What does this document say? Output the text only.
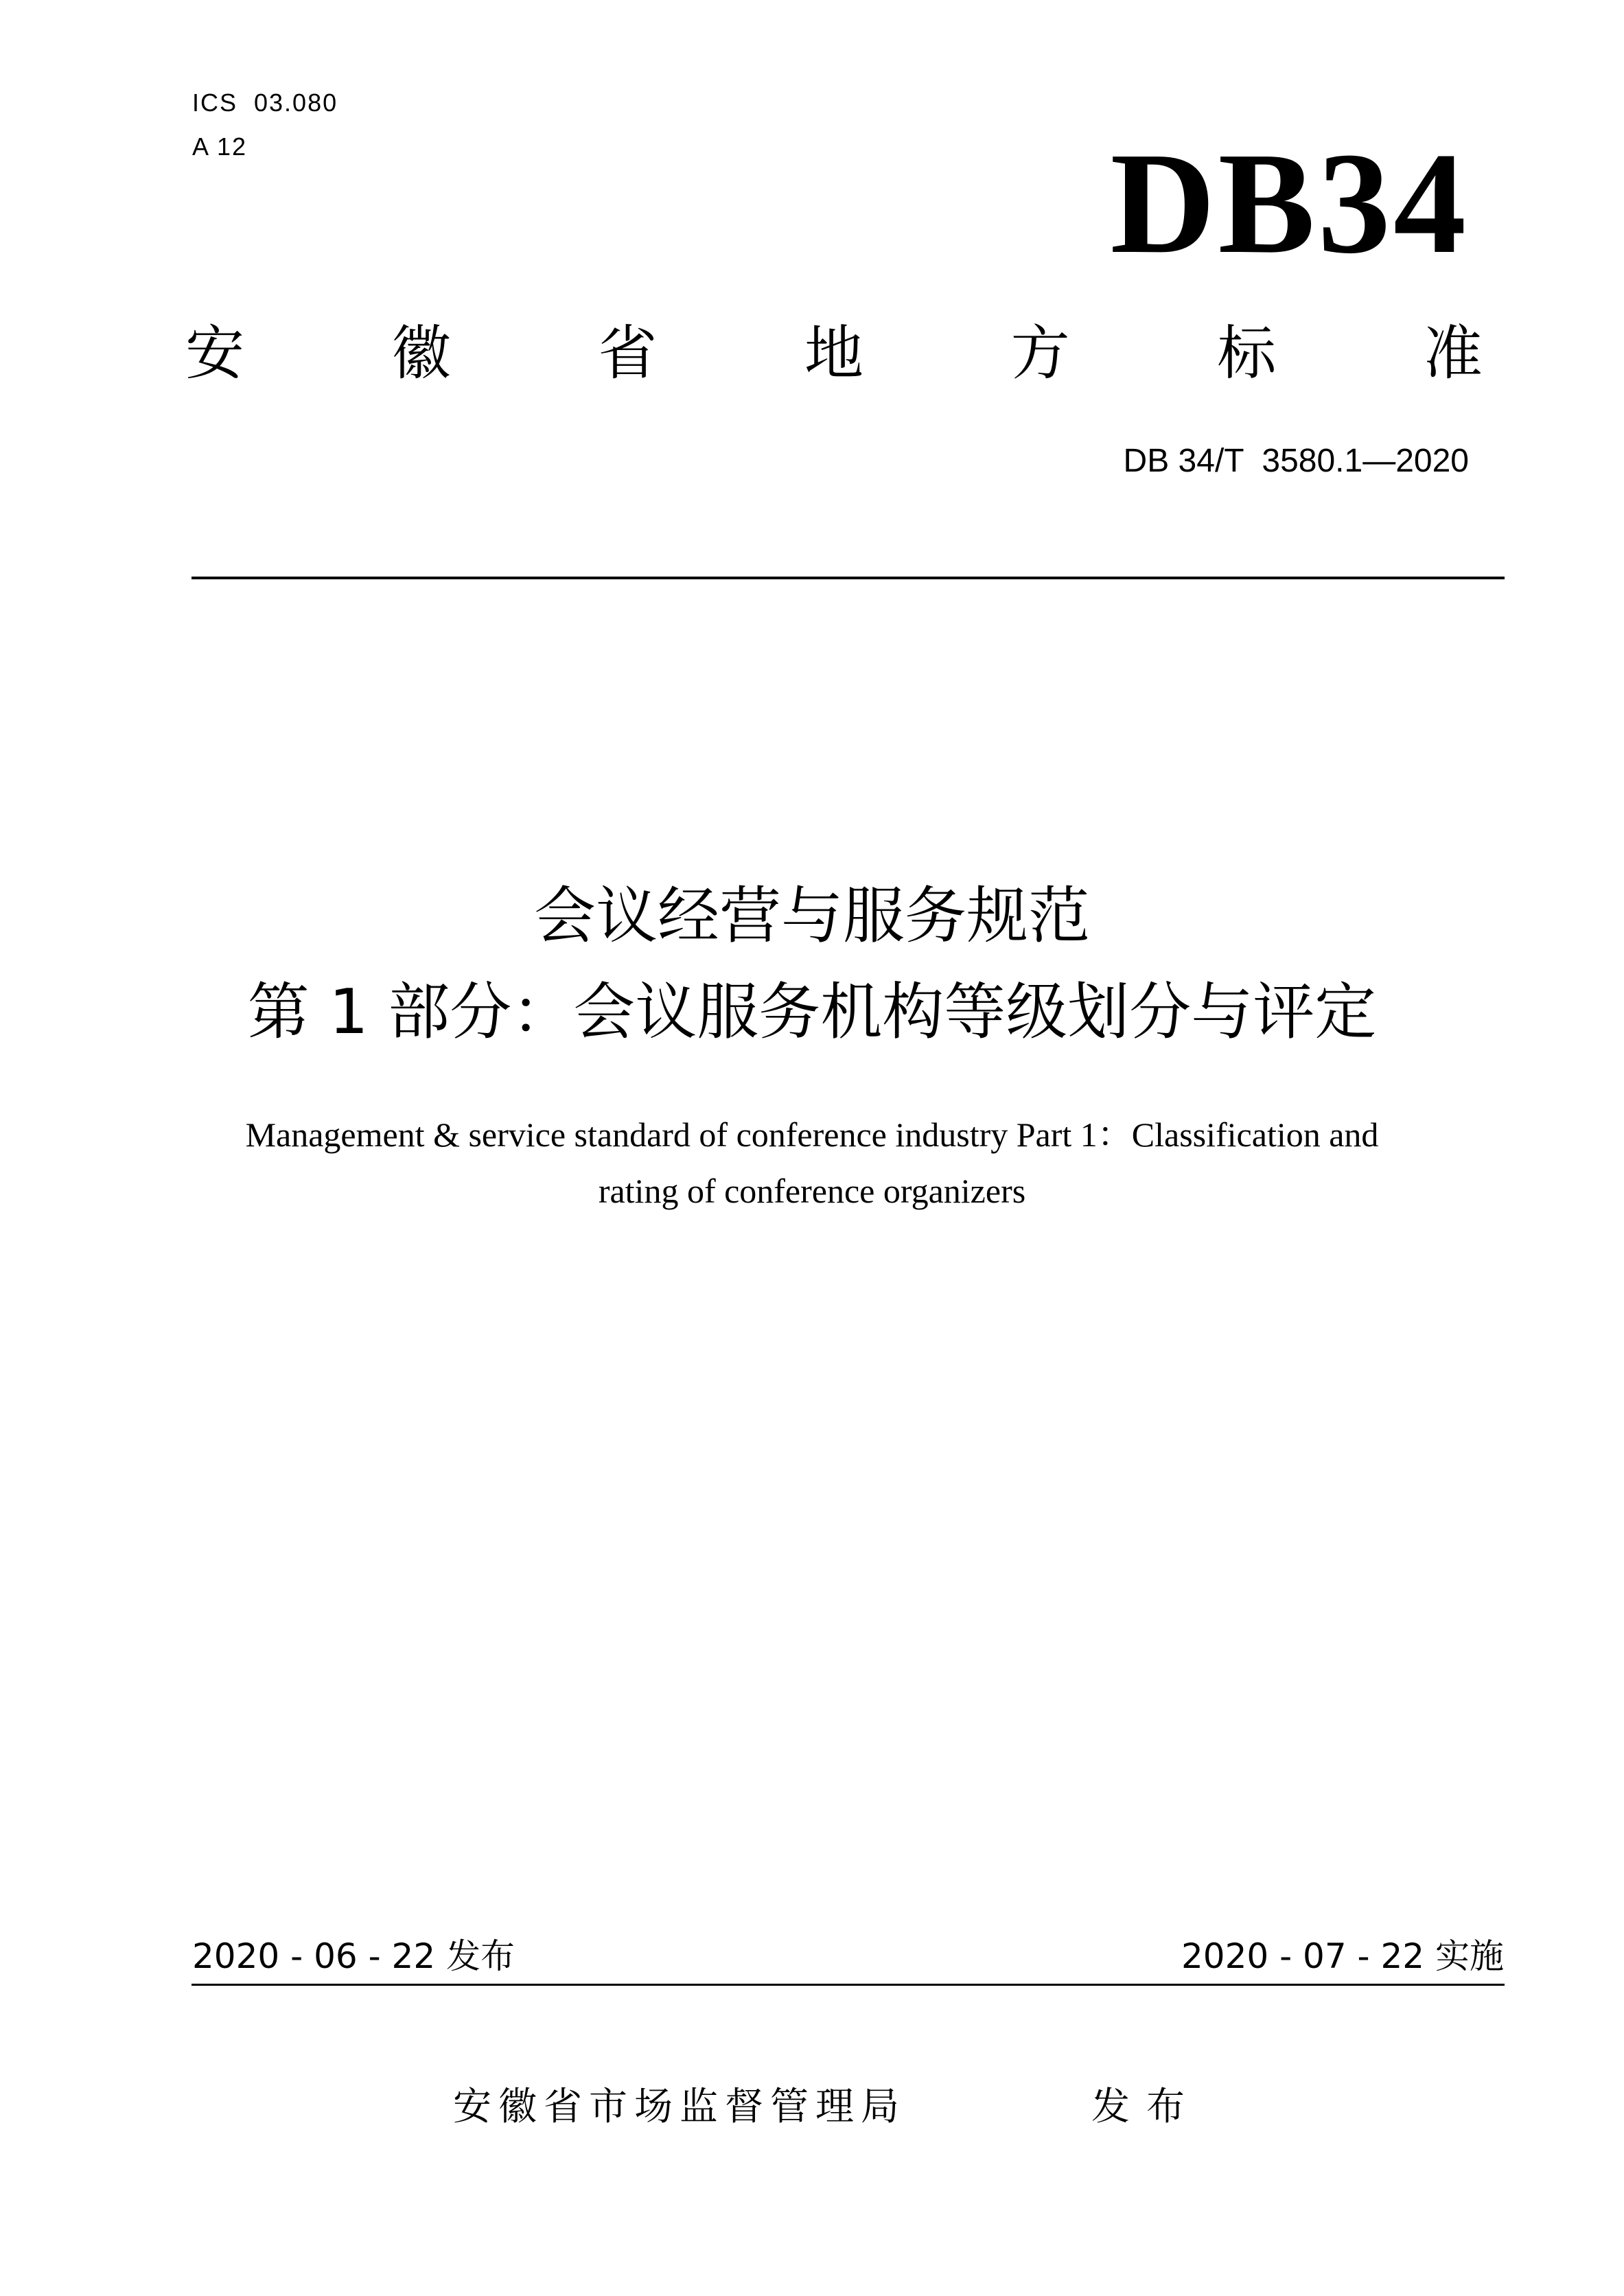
ICS  03.080
A 12	DB34
安 徽 省 地 方 标 准
DB 34/T  3580.1—2020
会议经营与服务规范
第 1 部分：会议服务机构等级划分与评定
Management & service standard of conference industry Part 1：Classification and
rating of conference organizers
2020 - 06 - 22 发布	2020 - 07 - 22 实施
安徽省市场监督管理局	发布
